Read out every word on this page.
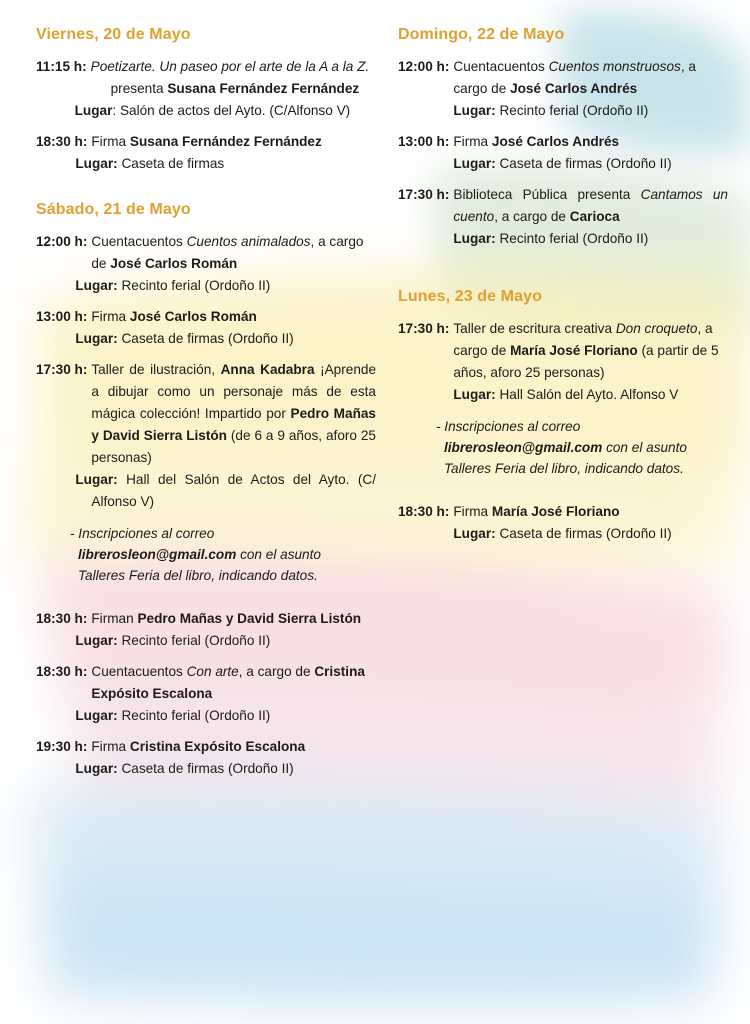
Viernes, 20 de Mayo
11:15 h: Poetizarte. Un paseo por el arte de la A a la Z.
presenta Susana Fernández Fernández
Lugar: Salón de actos del Ayto. (C/Alfonso V)
18:30 h: Firma Susana Fernández Fernández
Lugar: Caseta de firmas
Sábado, 21 de Mayo
12:00 h: Cuentacuentos Cuentos animalados, a cargo de José Carlos Román
Lugar: Recinto ferial (Ordoño II)
13:00 h: Firma José Carlos Román
Lugar: Caseta de firmas (Ordoño II)
17:30 h: Taller de ilustración, Anna Kadabra ¡Aprende a dibujar como un personaje más de esta mágica colección! Impartido por Pedro Mañas y David Sierra Listón (de 6 a 9 años, aforo 25 personas)
Lugar: Hall del Salón de Actos del Ayto. (C/ Alfonso V)
- Inscripciones al correo librerosleon@gmail.com con el asunto Talleres Feria del libro, indicando datos.
18:30 h: Firman Pedro Mañas y David Sierra Listón
Lugar: Recinto ferial (Ordoño II)
18:30 h: Cuentacuentos Con arte, a cargo de Cristina Expósito Escalona
Lugar: Recinto ferial (Ordoño II)
19:30 h: Firma Cristina Expósito Escalona
Lugar: Caseta de firmas (Ordoño II)
Domingo, 22 de Mayo
12:00 h: Cuentacuentos Cuentos monstruosos, a cargo de José Carlos Andrés
Lugar: Recinto ferial (Ordoño II)
13:00 h: Firma José Carlos Andrés
Lugar: Caseta de firmas (Ordoño II)
17:30 h: Biblioteca Pública presenta Cantamos un cuento, a cargo de Carioca
Lugar: Recinto ferial (Ordoño II)
Lunes, 23 de Mayo
17:30 h: Taller de escritura creativa Don croqueto, a cargo de María José Floriano (a partir de 5 años, aforo 25 personas)
Lugar: Hall Salón del Ayto. Alfonso V
- Inscripciones al correo librerosleon@gmail.com con el asunto Talleres Feria del libro, indicando datos.
18:30 h: Firma María José Floriano
Lugar: Caseta de firmas (Ordoño II)
